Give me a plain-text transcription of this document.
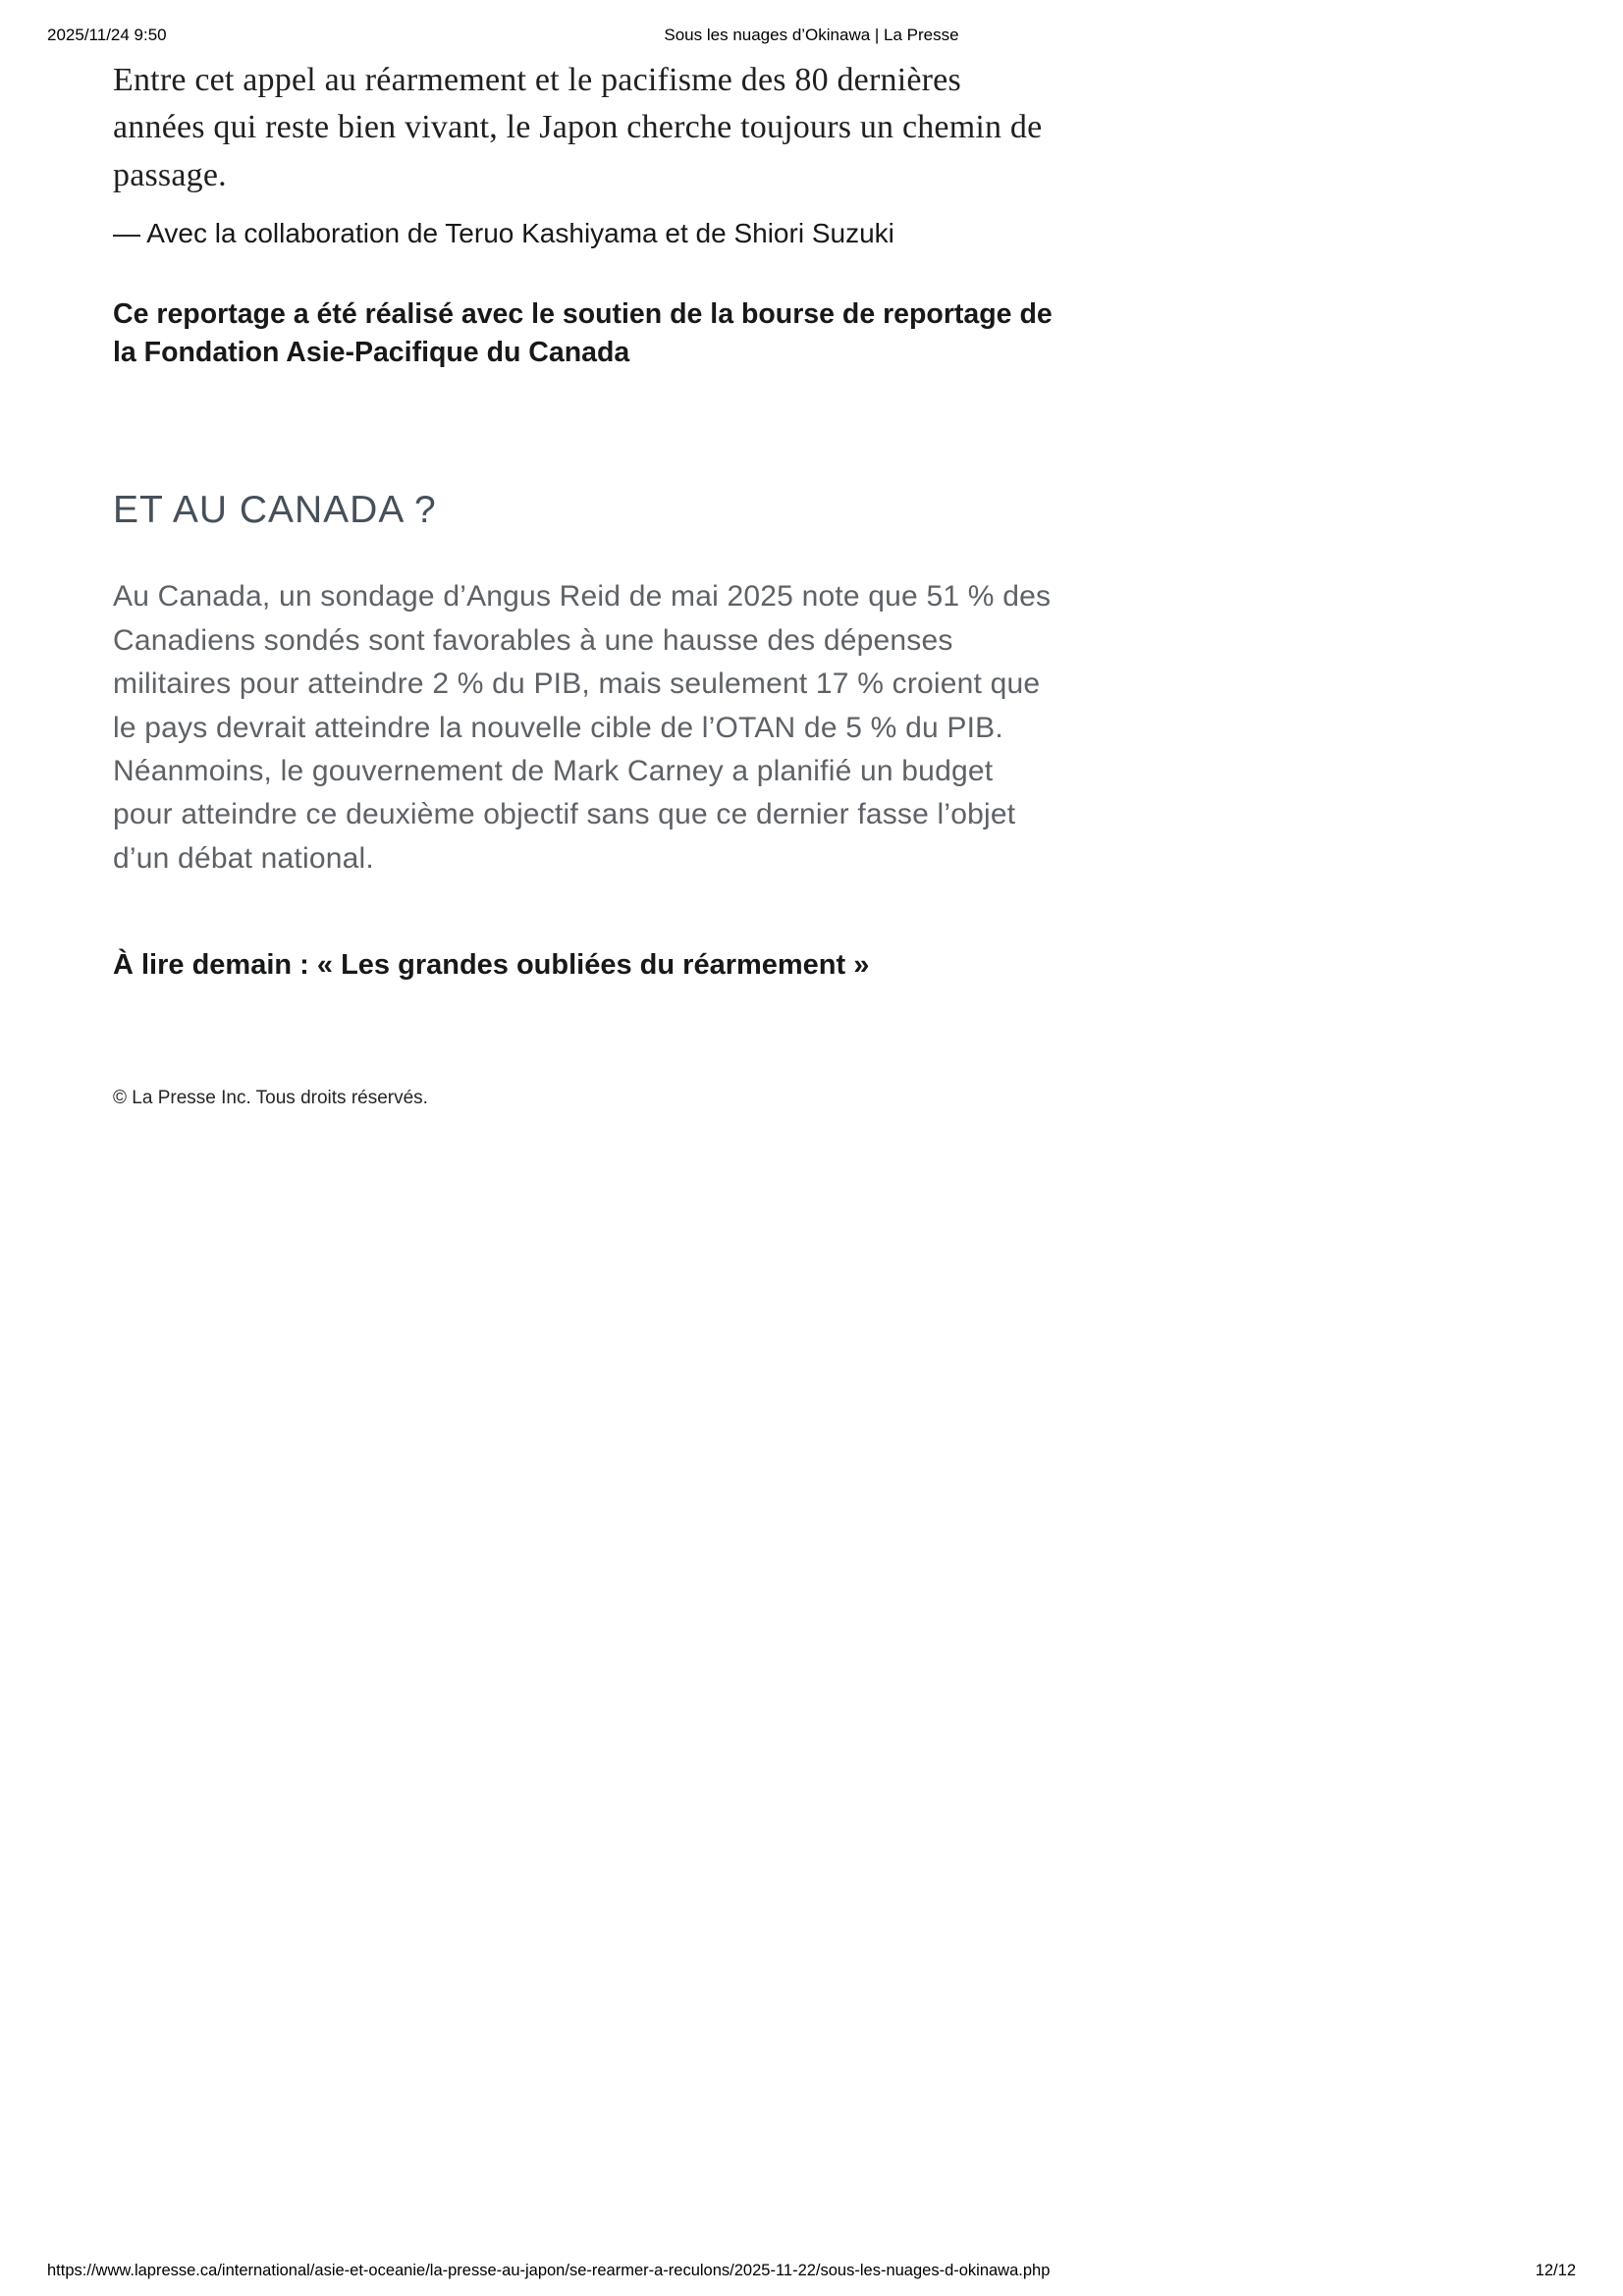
2025/11/24 9:50	Sous les nuages d’Okinawa | La Presse

Entre cet appel au réarmement et le pacifisme des 80 dernières années qui reste bien vivant, le Japon cherche toujours un chemin de passage.

— Avec la collaboration de Teruo Kashiyama et de Shiori Suzuki

Ce reportage a été réalisé avec le soutien de la bourse de reportage de la Fondation Asie-Pacifique du Canada

ET AU CANADA ?

Au Canada, un sondage d’Angus Reid de mai 2025 note que 51 % des Canadiens sondés sont favorables à une hausse des dépenses militaires pour atteindre 2 % du PIB, mais seulement 17 % croient que le pays devrait atteindre la nouvelle cible de l’OTAN de 5 % du PIB. Néanmoins, le gouvernement de Mark Carney a planifié un budget pour atteindre ce deuxième objectif sans que ce dernier fasse l’objet d’un débat national.

À lire demain : « Les grandes oubliées du réarmement »

© La Presse Inc. Tous droits réservés.

https://www.lapresse.ca/international/asie-et-oceanie/la-presse-au-japon/se-rearmer-a-reculons/2025-11-22/sous-les-nuages-d-okinawa.php	12/12
